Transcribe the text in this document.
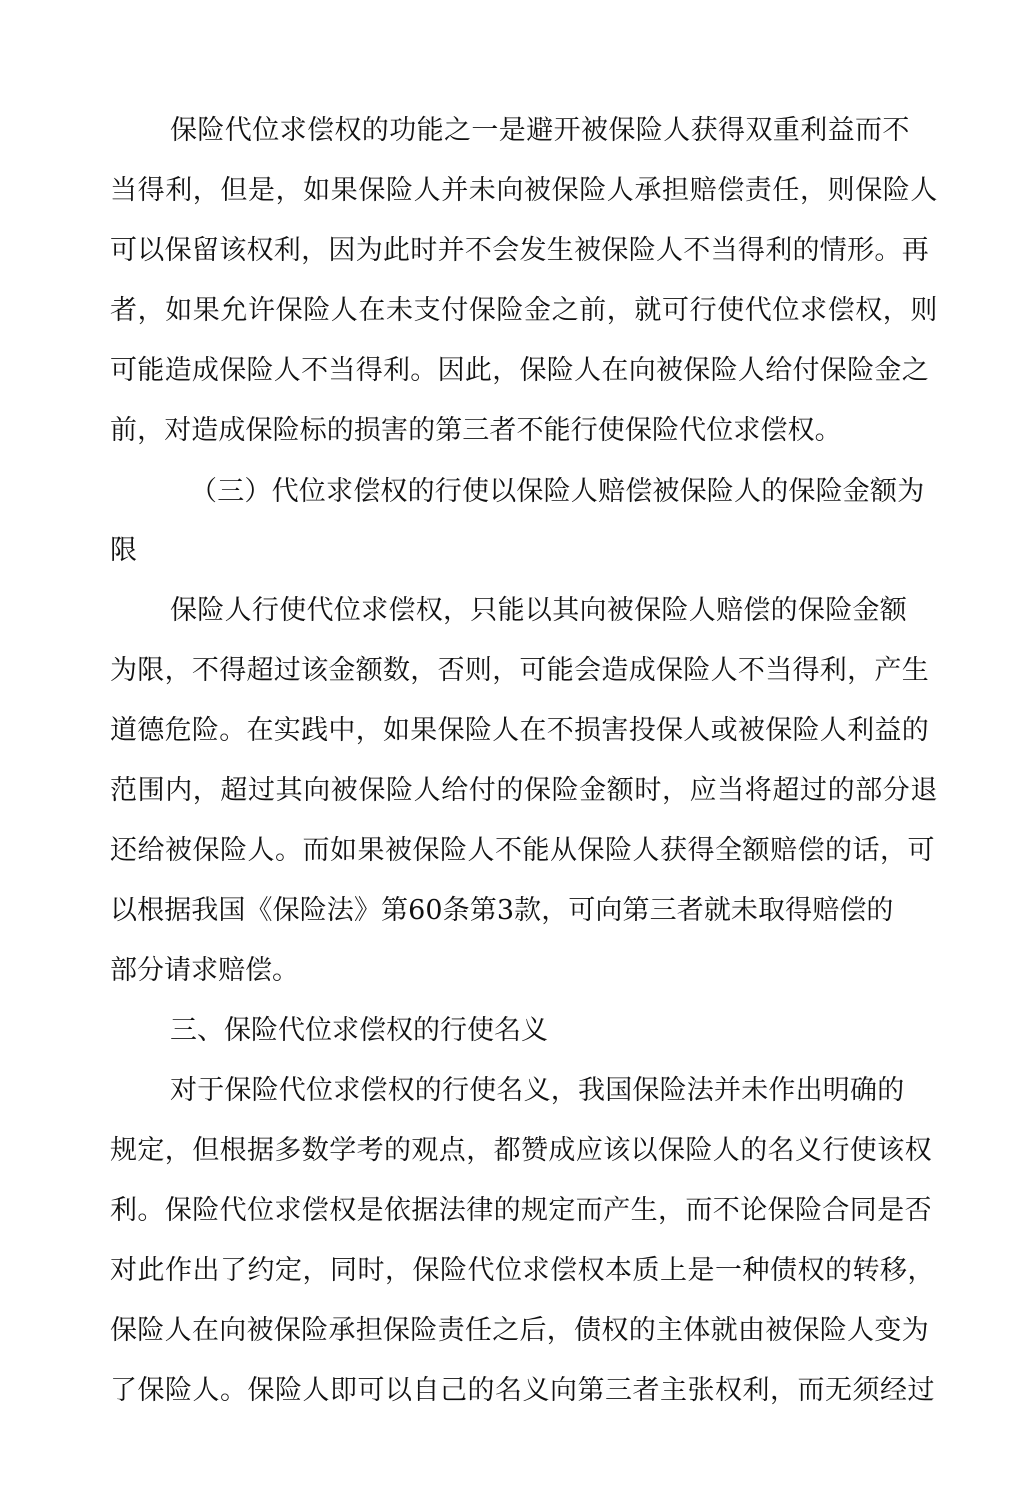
保险代位求偿权的功能之一是避开被保险人获得双重利益而不

当得利，但是，如果保险人并未向被保险人承担赔偿责任，则保险人

可以保留该权利，因为此时并不会发生被保险人不当得利的情形。再

者，如果允许保险人在未支付保险金之前，就可行使代位求偿权，则

可能造成保险人不当得利。因此，保险人在向被保险人给付保险金之

前，对造成保险标的损害的第三者不能行使保险代位求偿权。

（三）代位求偿权的行使以保险人赔偿被保险人的保险金额为

限

保险人行使代位求偿权，只能以其向被保险人赔偿的保险金额

为限，不得超过该金额数，否则，可能会造成保险人不当得利，产生

道德危险。在实践中，如果保险人在不损害投保人或被保险人利益的

范围内，超过其向被保险人给付的保险金额时，应当将超过的部分退

还给被保险人。而如果被保险人不能从保险人获得全额赔偿的话，可

以根据我国《保险法》第60条第3款，可向第三者就未取得赔偿的

部分请求赔偿。

三、保险代位求偿权的行使名义

对于保险代位求偿权的行使名义，我国保险法并未作出明确的

规定，但根据多数学考的观点，都赞成应该以保险人的名义行使该权

利。保险代位求偿权是依据法律的规定而产生，而不论保险合同是否

对此作出了约定，同时，保险代位求偿权本质上是一种债权的转移，

保险人在向被保险承担保险责任之后，债权的主体就由被保险人变为

了保险人。保险人即可以自己的名义向第三者主张权利，而无须经过
